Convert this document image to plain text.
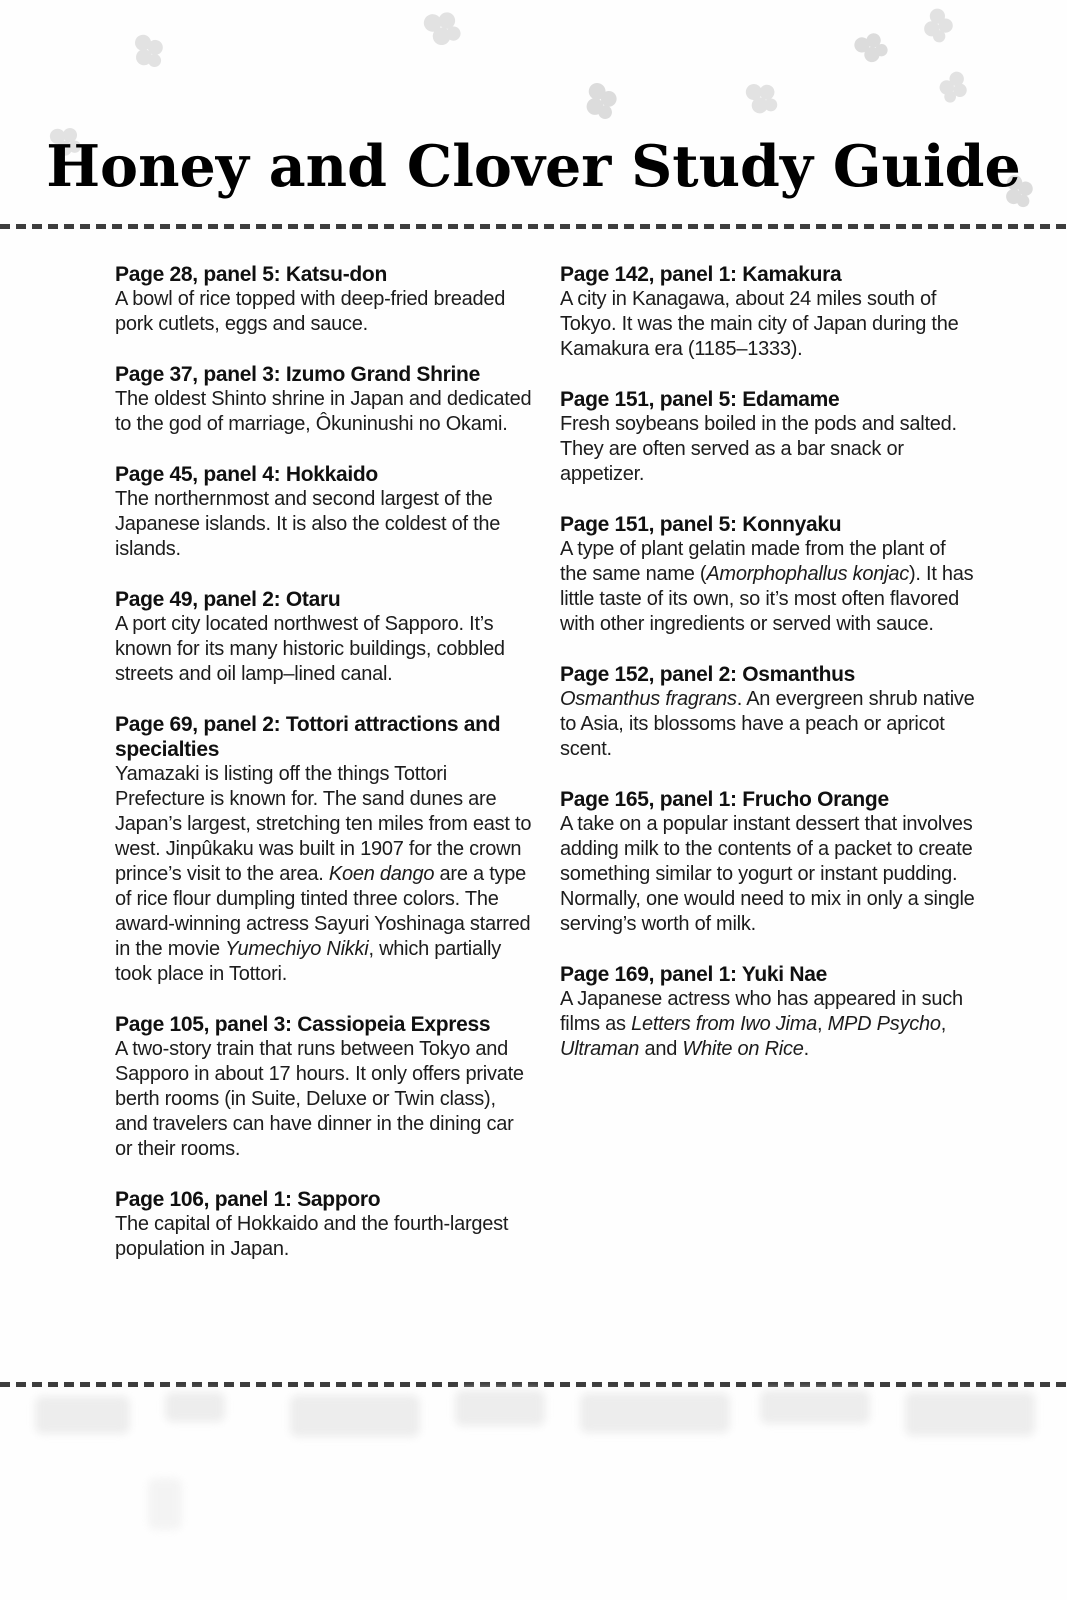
Honey and Clover Study Guide
Page 28, panel 5: Katsu-don

A bowl of rice topped with deep-fried breaded pork cutlets, eggs and sauce.

Page 37, panel 3: Izumo Grand Shrine

The oldest Shinto shrine in Japan and dedicated to the god of marriage, Ôkuninushi no Okami.

Page 45, panel 4: Hokkaido

The northernmost and second largest of the Japanese islands. It is also the coldest of the islands.

Page 49, panel 2: Otaru

A port city located northwest of Sapporo. It’s known for its many historic buildings, cobbled streets and oil lamp–lined canal.

Page 69, panel 2: Tottori attractions and specialties

Yamazaki is listing off the things Tottori Prefecture is known for. The sand dunes are Japan’s largest, stretching ten miles from east to west. Jinpûkaku was built in 1907 for the crown prince’s visit to the area. Koen dango are a type of rice flour dumpling tinted three colors. The award-winning actress Sayuri Yoshinaga starred in the movie Yumechiyo Nikki, which partially took place in Tottori.

Page 105, panel 3: Cassiopeia Express

A two-story train that runs between Tokyo and Sapporo in about 17 hours. It only offers private berth rooms (in Suite, Deluxe or Twin class), and travelers can have dinner in the dining car or their rooms.

Page 106, panel 1: Sapporo

The capital of Hokkaido and the fourth-largest population in Japan.

Page 142, panel 1: Kamakura

A city in Kanagawa, about 24 miles south of Tokyo. It was the main city of Japan during the Kamakura era (1185–1333).

Page 151, panel 5: Edamame

Fresh soybeans boiled in the pods and salted. They are often served as a bar snack or appetizer.

Page 151, panel 5: Konnyaku

A type of plant gelatin made from the plant of the same name (Amorphophallus konjac). It has little taste of its own, so it’s most often flavored with other ingredients or served with sauce.

Page 152, panel 2: Osmanthus

Osmanthus fragrans. An evergreen shrub native to Asia, its blossoms have a peach or apricot scent.

Page 165, panel 1: Frucho Orange

A take on a popular instant dessert that involves adding milk to the contents of a packet to create something similar to yogurt or instant pudding. Normally, one would need to mix in only a single serving’s worth of milk.

Page 169, panel 1: Yuki Nae

A Japanese actress who has appeared in such films as Letters from Iwo Jima, MPD Psycho, Ultraman and White on Rice.
